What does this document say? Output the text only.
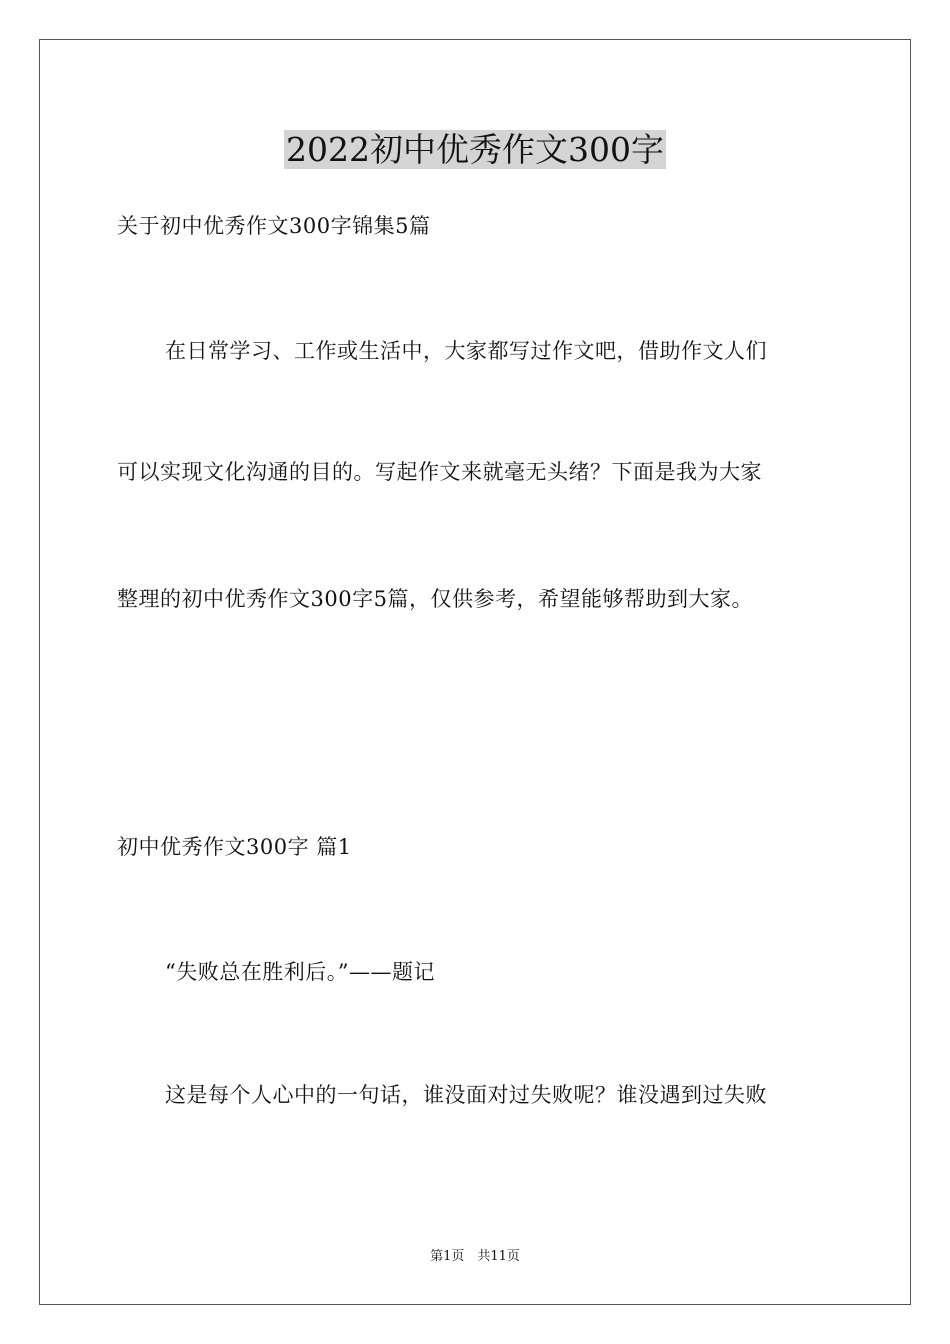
2022初中优秀作文300字

关于初中优秀作文300字锦集5篇

在日常学习、工作或生活中，大家都写过作文吧，借助作文人们

可以实现文化沟通的目的。写起作文来就毫无头绪？下面是我为大家

整理的初中优秀作文300字5篇，仅供参考，希望能够帮助到大家。

初中优秀作文300字 篇1

“失败总在胜利后。”——题记

这是每个人心中的一句话，谁没面对过失败呢？谁没遇到过失败

第1页　共11页
